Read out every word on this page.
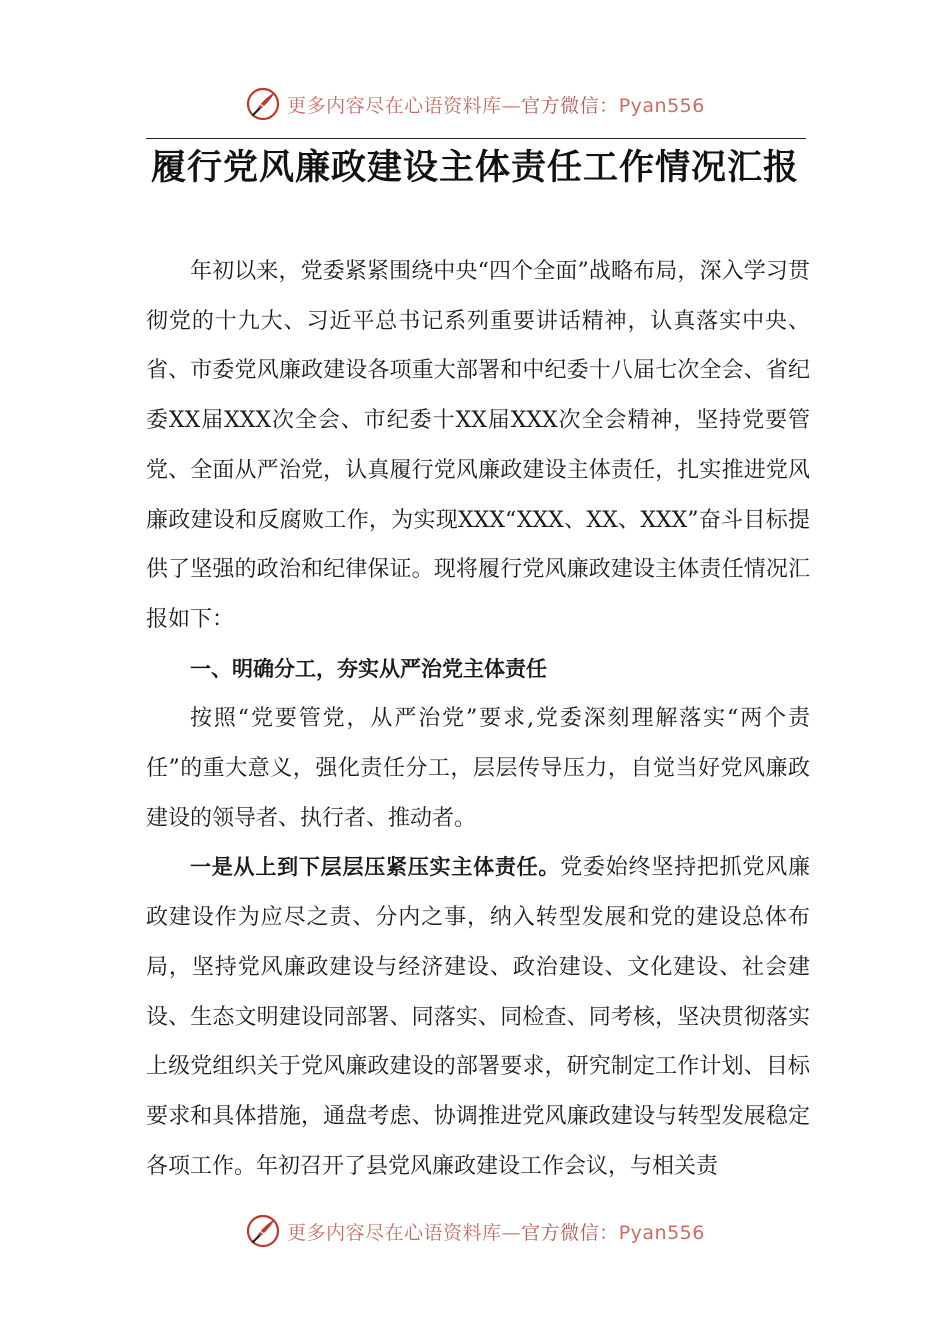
更多内容尽在心语资料库—官方微信：Pyan556
履行党风廉政建设主体责任工作情况汇报

年初以来，党委紧紧围绕中央“四个全面”战略布局，深入学习贯彻党的十九大、习近平总书记系列重要讲话精神，认真落实中央、省、市委党风廉政建设各项重大部署和中纪委十八届七次全会、省纪委XX届XXX次全会、市纪委十XX届XXX次全会精神，坚持党要管党、全面从严治党，认真履行党风廉政建设主体责任，扎实推进党风廉政建设和反腐败工作，为实现XXX“XXX、XX、XXX”奋斗目标提供了坚强的政治和纪律保证。现将履行党风廉政建设主体责任情况汇报如下：

一、明确分工，夯实从严治党主体责任

按照“党要管党，从严治党”要求,党委深刻理解落实“两个责任”的重大意义，强化责任分工，层层传导压力，自觉当好党风廉政建设的领导者、执行者、推动者。

一是从上到下层层压紧压实主体责任。党委始终坚持把抓党风廉政建设作为应尽之责、分内之事，纳入转型发展和党的建设总体布局，坚持党风廉政建设与经济建设、政治建设、文化建设、社会建设、生态文明建设同部署、同落实、同检查、同考核，坚决贯彻落实上级党组织关于党风廉政建设的部署要求，研究制定工作计划、目标要求和具体措施，通盘考虑、协调推进党风廉政建设与转型发展稳定各项工作。年初召开了县党风廉政建设工作会议，与相关责

更多内容尽在心语资料库—官方微信：Pyan556
